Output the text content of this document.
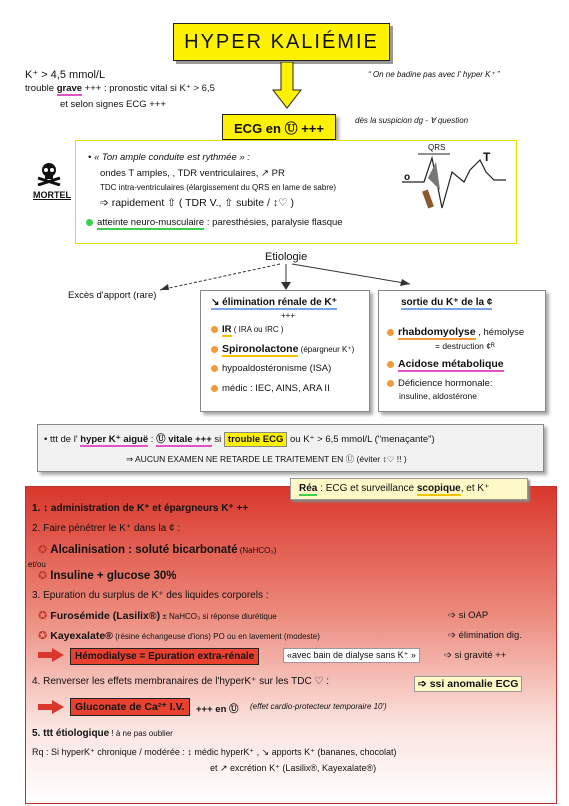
HYPER KALIÉMIE
K⁺ > 4,5 mmol/L
trouble grave +++ : pronostic vital si K⁺ > 6,5
et selon signes ECG +++
“ On ne badine pas avec l' hyper K⁺ ”
ECG en Ⓤ +++	dès la suspicion dg - ∀ question
MORTEL
• « Ton ample conduite est rythmée » :
ondes T amples, , TDR ventriculaires, ↗ PR
TDC intra-ventriculaires (élargissement du QRS en lame de sabre)
➩ rapidement ⇧ ( TDR V., ⇧ subite / ↕♡ )
atteinte neuro-musculaire : paresthésies, paralysie flasque
QRS
T
o
Etiologie
Excès d'apport (rare)
↘ élimination rénale de K⁺
+++
IR ( IRA ou IRC )
Spironolactone (épargneur K⁺)
hypoaldostéronisme (ISA)
médic : IEC, AINS, ARA II
sortie du K⁺ de la ¢
rhabdomyolyse , hémolyse
= destruction ¢ᴿ
Acidose métabolique
Déficience hormonale:
insuline, aldostérone
• ttt de l' hyper K⁺ aiguë : Ⓤ vitale +++ si trouble ECG ou K⁺ > 6,5 mmol/L ("menaçante")
⇒ AUCUN EXAMEN NE RETARDE LE TRAITEMENT EN Ⓤ (éviter ↕♡ !! )
Réa : ECG et surveillance scopique, et K⁺
1. ↕ administration de K⁺ et épargneurs K⁺ ++
2. Faire pénétrer le K⁺ dans la ¢ :
✪ Alcalinisation : soluté bicarbonaté (NaHCO₃)
et/ou
✪ Insuline + glucose 30%
3. Epuration du surplus de K⁺ des liquides corporels :
✪ Furosémide (Lasilix®) ± NaHCO₃ si réponse diurétique	➩ si OAP
✪ Kayexalate® (résine échangeuse d'ions) PO ou en lavement (modeste)	➩ élimination dig.
Hémodialyse = Epuration extra-rénale	«avec bain de dialyse sans K⁺ »	➩ si gravité ++
4. Renverser les effets membranaires de l'hyperK⁺ sur les TDC ♡ :	➩ ssi anomalie ECG
Gluconate de Ca²⁺ I.V.	+++ en Ⓤ (effet cardio-protecteur temporaire 10')
5. ttt étiologique ! à ne pas oublier
Rq : Si hyperK⁺ chronique / modérée : ↕ médic hyperK⁺ , ↘ apports K⁺ (bananes, chocolat)
et ↗ excrétion K⁺ (Lasilix®, Kayexalate®)
